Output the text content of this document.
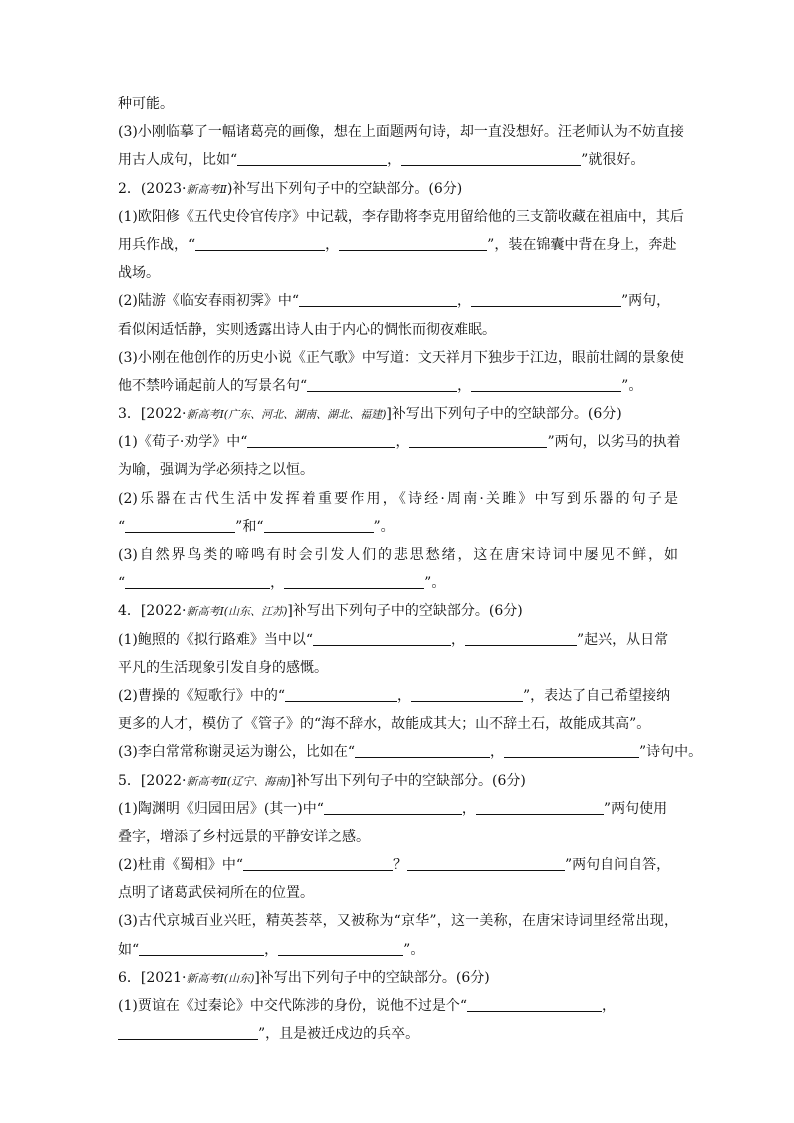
种可能。
(3)小刚临摹了一幅诸葛亮的画像，想在上面题两句诗，却一直没想好。汪老师认为不妨直接
用古人成句，比如“	，	”就很好。
2．(2023·新高考Ⅱ)补写出下列句子中的空缺部分。(6分)
(1)欧阳修《五代史伶官传序》中记载，李存勖将李克用留给他的三支箭收藏在祖庙中，其后
用兵作战，“	，	”，装在锦囊中背在身上，奔赴
战场。
(2)陆游《临安春雨初霁》中“	，	”两句，
看似闲适恬静，实则透露出诗人由于内心的惆怅而彻夜难眠。
(3)小刚在他创作的历史小说《正气歌》中写道：文天祥月下独步于江边，眼前壮阔的景象使
他不禁吟诵起前人的写景名句“	，	”。
3．[2022·新高考Ⅰ(广东、河北、湖南、湖北、福建)]补写出下列句子中的空缺部分。(6分)
(1)《荀子·劝学》中“	，	”两句，以劣马的执着
为喻，强调为学必须持之以恒。
(2)乐器在古代生活中发挥着重要作用，《诗经·周南·关雎》中写到乐器的句子是
“	”和“	”。
(3)自然界鸟类的啼鸣有时会引发人们的悲思愁绪，这在唐宋诗词中屡见不鲜，如
“	，	”。
4．[2022·新高考Ⅰ(山东、江苏)]补写出下列句子中的空缺部分。(6分)
(1)鲍照的《拟行路难》当中以“	，	”起兴，从日常
平凡的生活现象引发自身的感慨。
(2)曹操的《短歌行》中的“	，	”，表达了自己希望接纳
更多的人才，模仿了《管子》的“海不辞水，故能成其大；山不辞土石，故能成其高”。
(3)李白常常称谢灵运为谢公，比如在“	，	”诗句中。
5．[2022·新高考Ⅱ(辽宁、海南)]补写出下列句子中的空缺部分。(6分)
(1)陶渊明《归园田居》(其一)中“	，	”两句使用
叠字，增添了乡村远景的平静安详之感。
(2)杜甫《蜀相》中“	？	”两句自问自答，
点明了诸葛武侯祠所在的位置。
(3)古代京城百业兴旺，精英荟萃，又被称为“京华”，这一美称，在唐宋诗词里经常出现，
如“	，	”。
6．[2021·新高考Ⅰ(山东)]补写出下列句子中的空缺部分。(6分)
(1)贾谊在《过秦论》中交代陈涉的身份，说他不过是个“	，
”，且是被迁戍边的兵卒。
